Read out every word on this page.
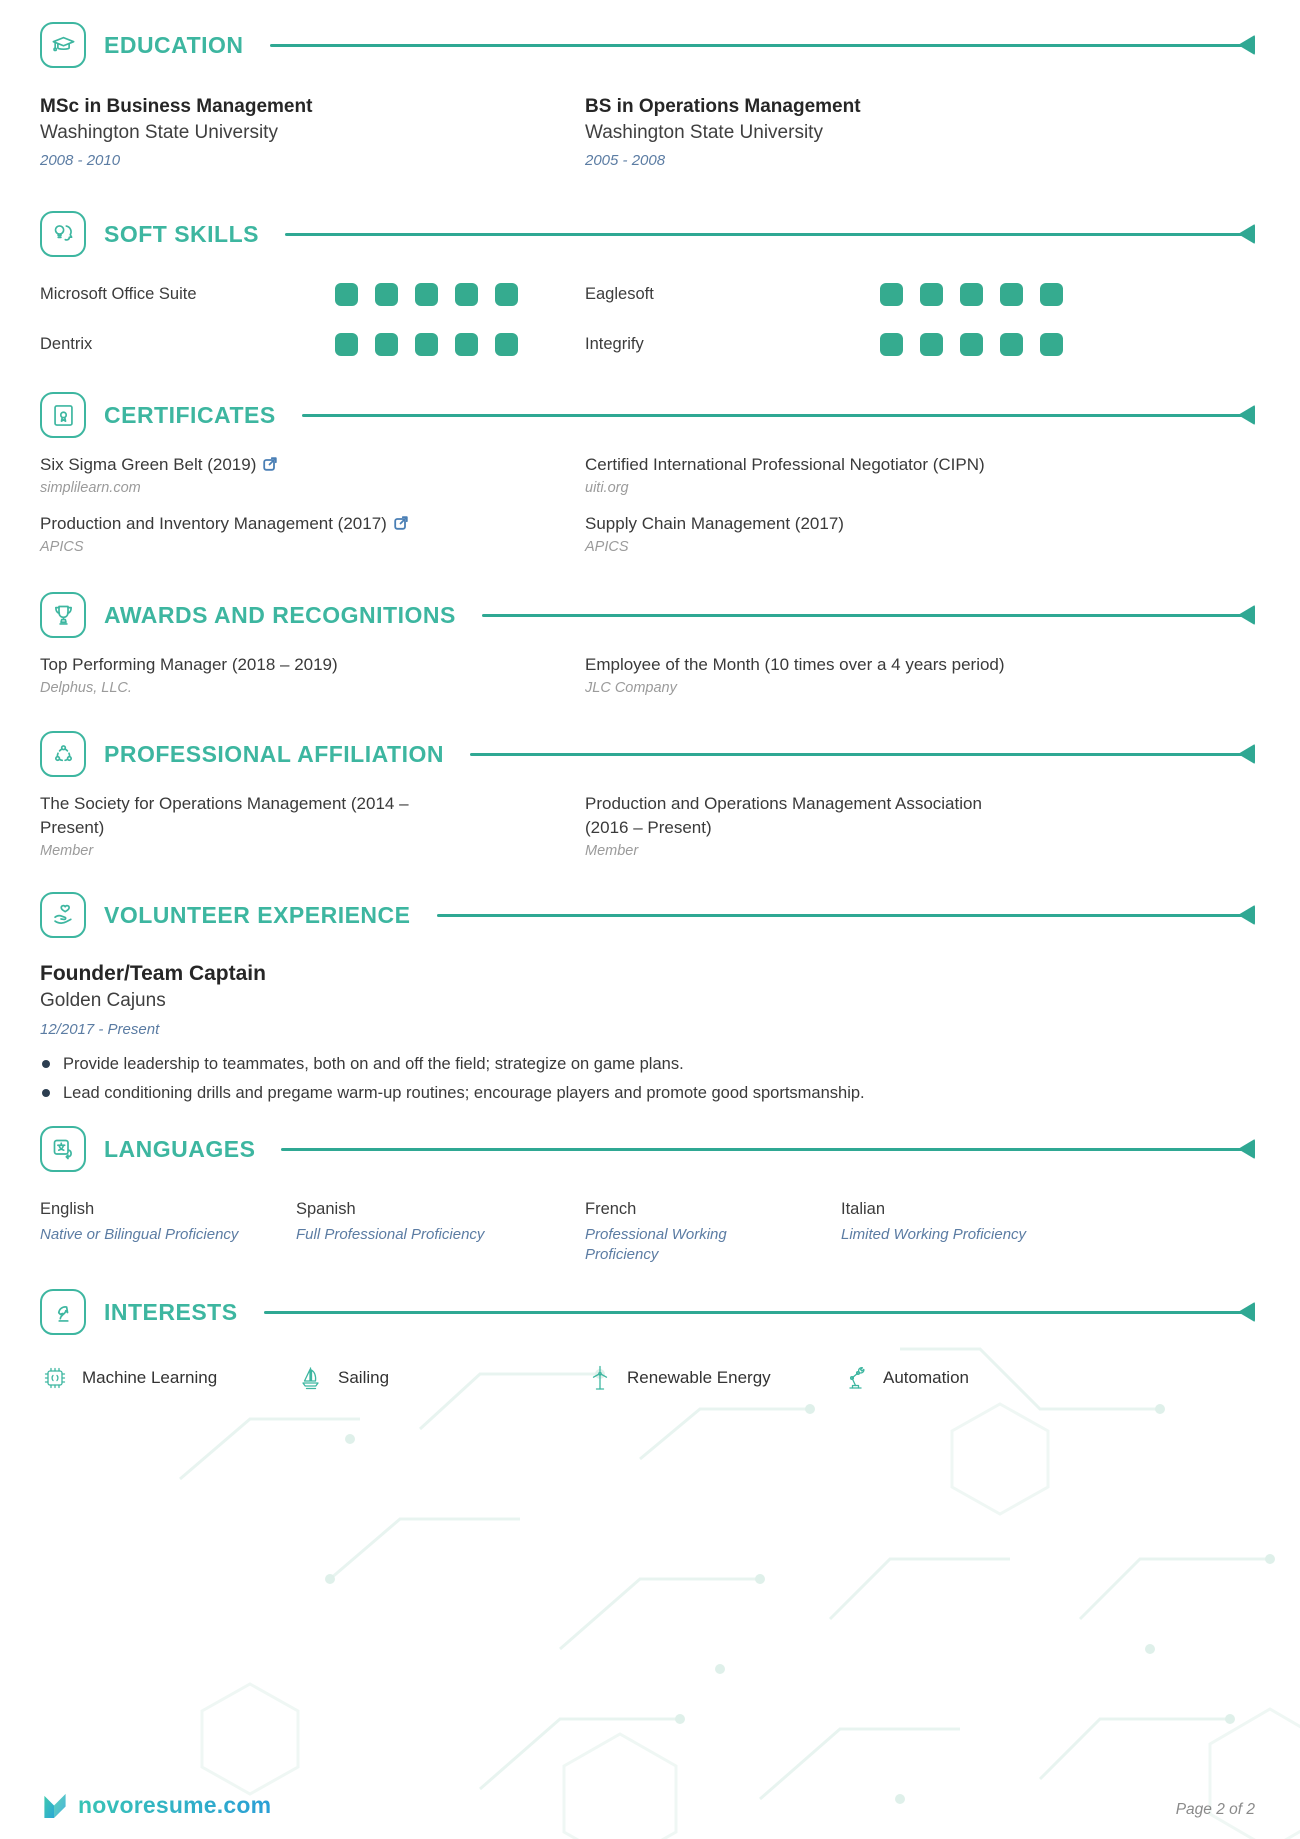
EDUCATION
MSc in Business Management
Washington State University
2008 - 2010
BS in Operations Management
Washington State University
2005 - 2008
SOFT SKILLS
Microsoft Office Suite	Eaglesoft
Dentrix	Integrify
CERTIFICATES
Six Sigma Green Belt (2019)
simplilearn.com
Certified International Professional Negotiator (CIPN)
uiti.org
Production and Inventory Management (2017)
APICS
Supply Chain Management (2017)
APICS
AWARDS AND RECOGNITIONS
Top Performing Manager (2018 – 2019)
Delphus, LLC.
Employee of the Month (10 times over a 4 years period)
JLC Company
PROFESSIONAL AFFILIATION
The Society for Operations Management (2014 – Present)
Member
Production and Operations Management Association (2016 – Present)
Member
VOLUNTEER EXPERIENCE
Founder/Team Captain
Golden Cajuns
12/2017 - Present
Provide leadership to teammates, both on and off the field; strategize on game plans.
Lead conditioning drills and pregame warm-up routines; encourage players and promote good sportsmanship.
LANGUAGES
English
Native or Bilingual Proficiency
Spanish
Full Professional Proficiency
French
Professional Working Proficiency
Italian
Limited Working Proficiency
INTERESTS
Machine Learning	Sailing	Renewable Energy	Automation
novoresume.com	Page 2 of 2
